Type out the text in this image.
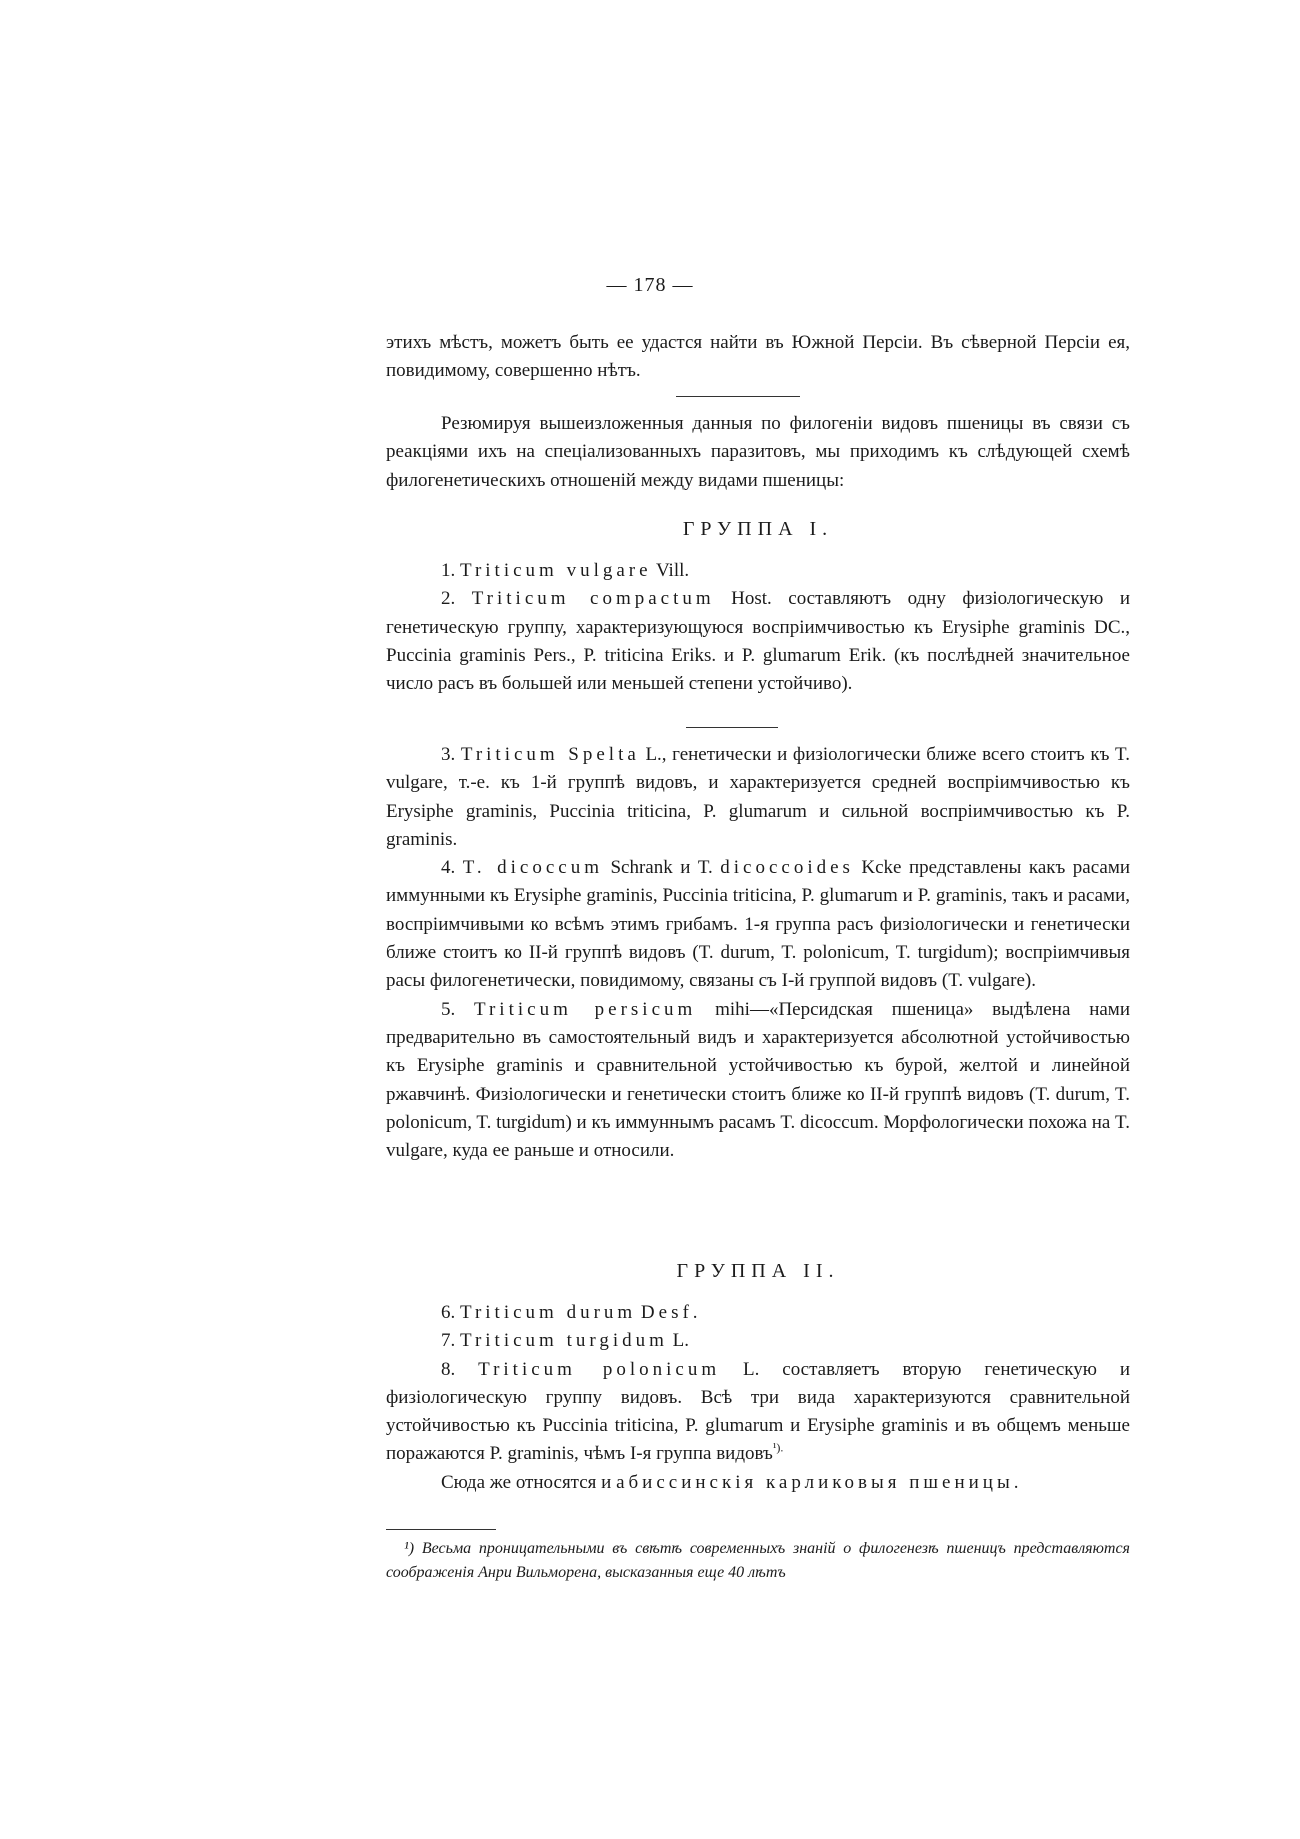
— 178 —

этихъ мѣстъ, можетъ быть ее удастся найти въ Южной Персіи. Въ сѣверной Персіи ея, повидимому, совершенно нѣтъ.

Резюмируя вышеизложенныя данныя по филогеніи видовъ пшеницы въ связи съ реакціями ихъ на спеціализованныхъ паразитовъ, мы приходимъ къ слѣдующей схемѣ филогенетическихъ отношеній между видами пшеницы:

ГРУППА I.

1. Triticum vulgare Vill.

2. Triticum compactum Host. составляютъ одну физіологическую и генетическую группу, характеризующуюся воспріимчивостью къ Erysiphe graminis DC., Puccinia graminis Pers., P. triticina Eriks. и P. glumarum Erik. (къ послѣдней значительное число расъ въ большей или меньшей степени устойчиво).

3. Triticum Spelta L., генетически и физіологически ближе всего стоитъ къ T. vulgare, т.-е. къ 1-й группѣ видовъ, и характеризуется средней воспріимчивостью къ Erysiphe graminis, Puccinia triticina, P. glumarum и сильной воспріимчивостью къ P. graminis.

4. T. dicoccum Schrank и T. dicoccoides Kcke представлены какъ расами иммунными къ Erysiphe graminis, Puccinia triticina, P. glumarum и P. graminis, такъ и расами, воспріимчивыми ко всѣмъ этимъ грибамъ. 1-я группа расъ физіологически и генетически ближе стоитъ ко II-й группѣ видовъ (T. durum, T. polonicum, T. turgidum); воспріимчивыя расы филогенетически, повидимому, связаны съ I-й группой видовъ (T. vulgare).

5. Triticum persicum mihi—«Персидская пшеница» выдѣлена нами предварительно въ самостоятельный видъ и характеризуется абсолютной устойчивостью къ Erysiphe graminis и сравнительной устойчивостью къ бурой, желтой и линейной ржавчинѣ. Физіологически и генетически стоитъ ближе ко II-й группѣ видовъ (T. durum, T. polonicum, T. turgidum) и къ иммуннымъ расамъ T. dicoccum. Морфологически похожа на T. vulgare, куда ее раньше и относили.

ГРУППА II.

6. Triticum durum Desf.

7. Triticum turgidum L.

8. Triticum polonicum L. составляетъ вторую генетическую и физіологическую группу видовъ. Всѣ три вида характеризуются сравнительной устойчивостью къ Puccinia triticina, P. glumarum и Erysiphe graminis и въ общемъ меньше поражаются P. graminis, чѣмъ I-я группа видовъ$^{^1).}$

Сюда же относятся и абиссинскія карликовыя пшеницы.

¹) Весьма проницательными въ свѣтѣ современныхъ знаній о филогенезѣ пшеницъ представляются соображенія Анри Вильморена, высказанныя еще 40 лѣтъ
